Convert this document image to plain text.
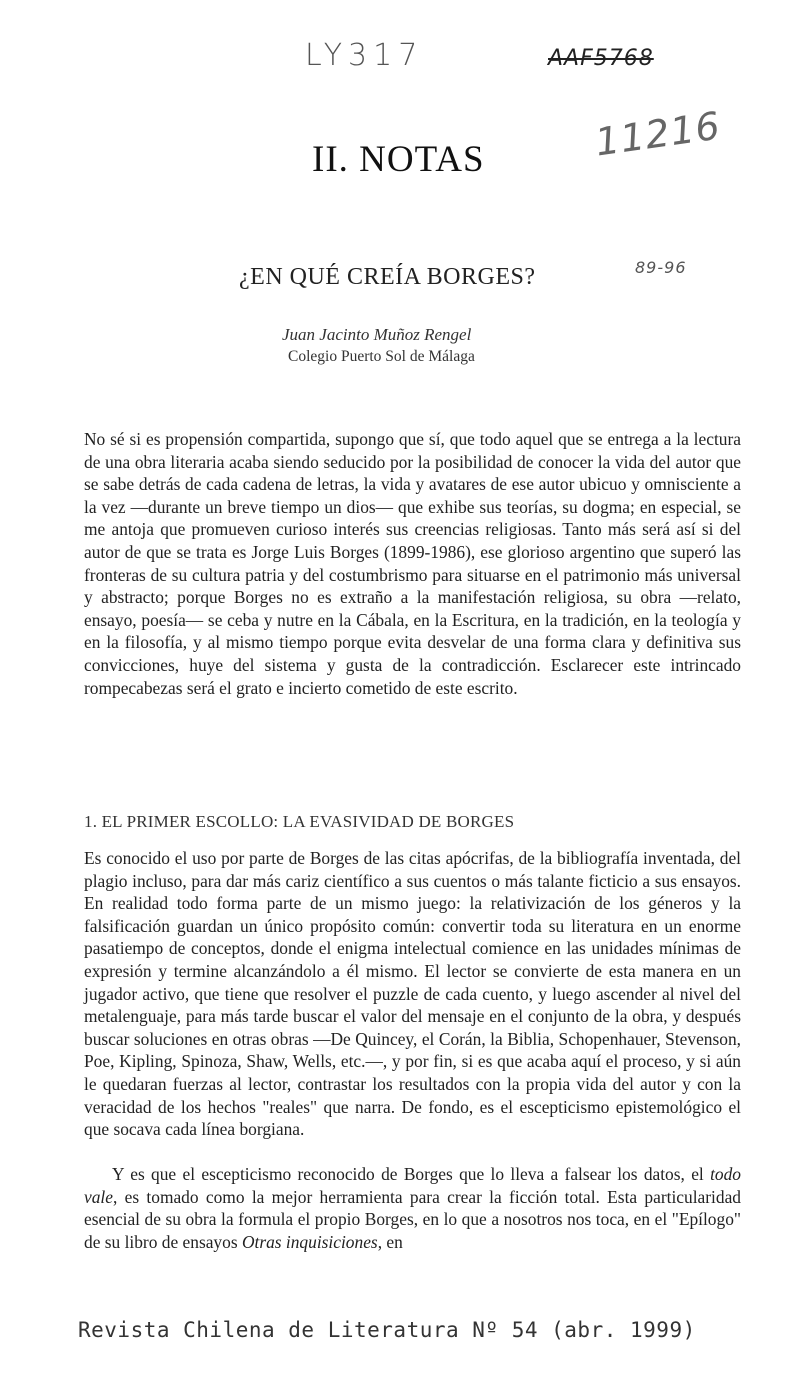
LY317	AAF5768
11216
89-96
II. NOTAS
¿EN QUÉ CREÍA BORGES?
Juan Jacinto Muñoz Rengel
Colegio Puerto Sol de Málaga

No sé si es propensión compartida, supongo que sí, que todo aquel que se entrega a la lectura de una obra literaria acaba siendo seducido por la posibilidad de conocer la vida del autor que se sabe detrás de cada cadena de letras, la vida y avatares de ese autor ubicuo y omnisciente a la vez —durante un breve tiempo un dios— que exhibe sus teorías, su dogma; en especial, se me antoja que promueven curioso interés sus creencias religiosas. Tanto más será así si del autor de que se trata es Jorge Luis Borges (1899-1986), ese glorioso argentino que superó las fronteras de su cultura patria y del costumbrismo para situarse en el patrimonio más universal y abstracto; porque Borges no es extraño a la manifestación religiosa, su obra —relato, ensayo, poesía— se ceba y nutre en la Cábala, en la Escritura, en la tradición, en la teología y en la filosofía, y al mismo tiempo porque evita desvelar de una forma clara y definitiva sus convicciones, huye del sistema y gusta de la contradicción. Esclarecer este intrincado rompecabezas será el grato e incierto cometido de este escrito.

1. EL PRIMER ESCOLLO: LA EVASIVIDAD DE BORGES

Es conocido el uso por parte de Borges de las citas apócrifas, de la bibliografía inventada, del plagio incluso, para dar más cariz científico a sus cuentos o más talante ficticio a sus ensayos. En realidad todo forma parte de un mismo juego: la relativización de los géneros y la falsificación guardan un único propósito común: convertir toda su literatura en un enorme pasatiempo de conceptos, donde el enigma intelectual comience en las unidades mínimas de expresión y termine alcanzándolo a él mismo. El lector se convierte de esta manera en un jugador activo, que tiene que resolver el puzzle de cada cuento, y luego ascender al nivel del metalenguaje, para más tarde buscar el valor del mensaje en el conjunto de la obra, y después buscar soluciones en otras obras —De Quincey, el Corán, la Biblia, Schopenhauer, Stevenson, Poe, Kipling, Spinoza, Shaw, Wells, etc.—, y por fin, si es que acaba aquí el proceso, y si aún le quedaran fuerzas al lector, contrastar los resultados con la propia vida del autor y con la veracidad de los hechos "reales" que narra. De fondo, es el escepticismo epistemológico el que socava cada línea borgiana.

Y es que el escepticismo reconocido de Borges que lo lleva a falsear los datos, el todo vale, es tomado como la mejor herramienta para crear la ficción total. Esta particularidad esencial de su obra la formula el propio Borges, en lo que a nosotros nos toca, en el "Epílogo" de su libro de ensayos Otras inquisiciones, en

Revista Chilena de Literatura Nº 54 (abr. 1999)
